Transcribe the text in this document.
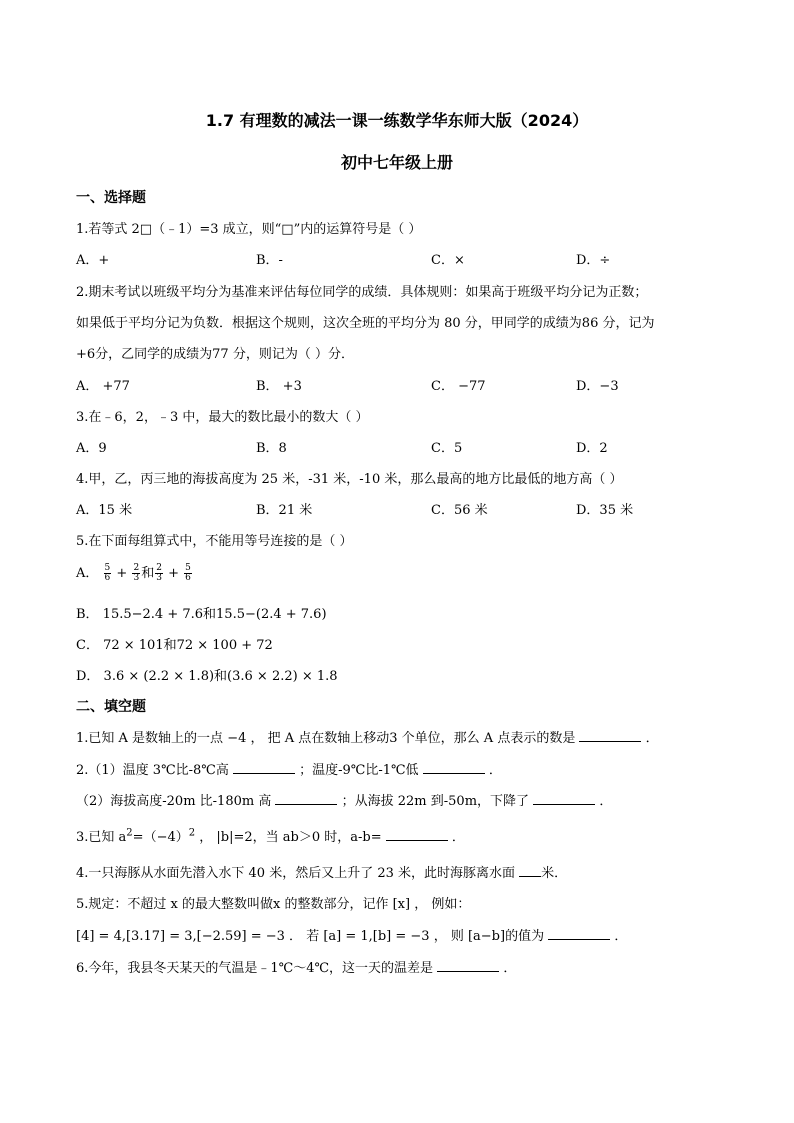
1.7 有理数的减法一课一练数学华东师大版（2024）
初中七年级上册
一、选择题
1.若等式 2□（﹣1）=3 成立，则“□”内的运算符号是（ ）
A．+	B．-	C．×	D．÷
2.期末考试以班级平均分为基准来评估每位同学的成绩．具体规则：如果高于班级平均分记为正数；
如果低于平均分记为负数．根据这个规则，这次全班的平均分为 80 分，甲同学的成绩为86 分，记为
+6分，乙同学的成绩为77 分，则记为（ ）分．
A． +77	B． +3	C． −77	D．−3
3.在﹣6，2，﹣3 中，最大的数比最小的数大（ ）
A．9	B．8	C．5	D．2
4.甲，乙，丙三地的海拔高度为 25 米，-31 米，-10 米，那么最高的地方比最低的地方高（ ）
A．15 米	B．21 米	C．56 米	D．35 米
5.在下面每组算式中，不能用等号连接的是（ ）
A． $\frac{5}{6} + \frac{2}{3}$ 和 $\frac{2}{3} + \frac{5}{6}$
B． 15.5−2.4 + 7.6和15.5−(2.4 + 7.6)
C． 72 × 101和72 × 100 + 72
D． 3.6 × (2.2 × 1.8)和(3.6 × 2.2) × 1.8
二、填空题
1.已知 A 是数轴上的一点 −4 ， 把 A 点在数轴上移动3 个单位，那么 A 点表示的数是	．
2.（1）温度 3℃比-8℃高	；温度-9℃比-1℃低	．
（2）海拔高度-20m 比-180m 高	；从海拔 22m 到-50m，下降了	．
3.已知 $a^2=(-4)^2$ ， |b|=2，当 ab＞0 时，a-b=	．
4.一只海豚从水面先潜入水下 40 米，然后又上升了 23 米，此时海豚离水面 米．
5.规定：不超过 x 的最大整数叫做x 的整数部分，记作 [x] ， 例如：
[4] = 4,[3.17] = 3,[−2.59] = −3 ． 若 [a] = 1,[b] = −3 ， 则 [a−b]的值为	．
6.今年，我县冬天某天的气温是﹣1℃～4℃，这一天的温差是	．
